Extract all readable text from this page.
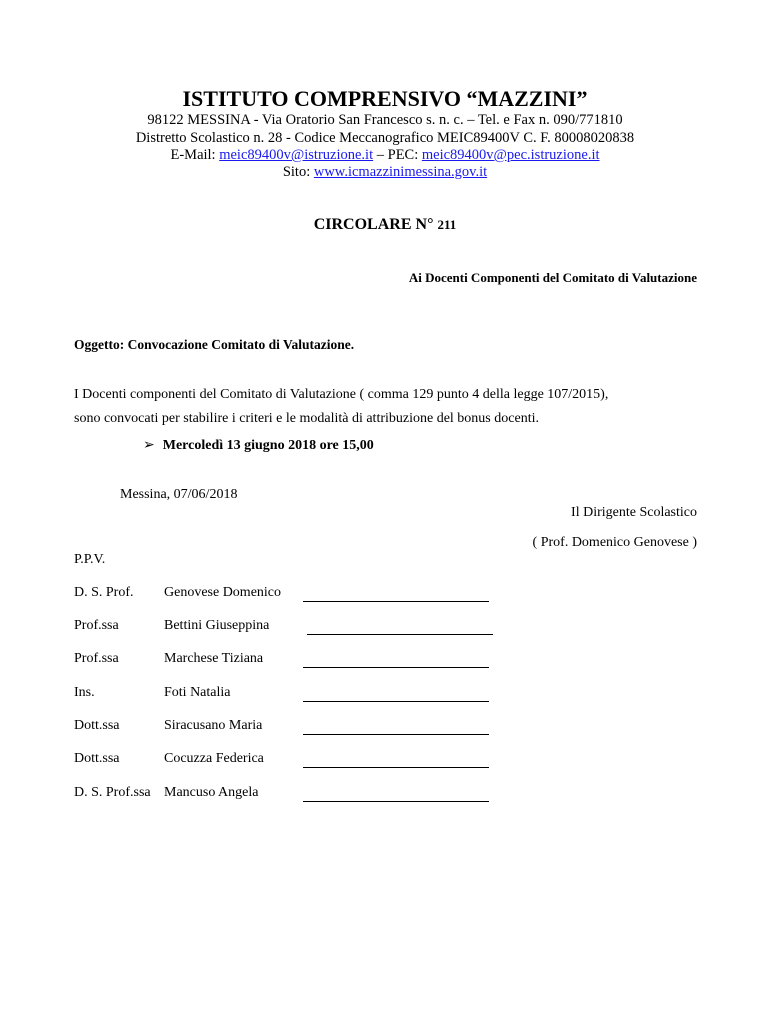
ISTITUTO COMPRENSIVO “MAZZINI”
98122 MESSINA - Via Oratorio San Francesco s. n. c. – Tel. e Fax n. 090/771810
Distretto Scolastico n. 28 - Codice Meccanografico MEIC89400V C. F. 80008020838
E-Mail: meic89400v@istruzione.it – PEC: meic89400v@pec.istruzione.it
Sito: www.icmazzinimessina.gov.it
CIRCOLARE N° 211
Ai Docenti Componenti del Comitato di Valutazione
Oggetto: Convocazione Comitato di Valutazione.
I Docenti componenti del Comitato di Valutazione ( comma 129 punto 4 della legge 107/2015),
sono convocati per stabilire i criteri e le modalità di attribuzione del bonus docenti.
➢ Mercoledì 13 giugno 2018 ore 15,00
Messina, 07/06/2018
Il Dirigente Scolastico
( Prof. Domenico Genovese )
P.P.V.
D. S. Prof. Genovese Domenico
Prof.ssa	Bettini Giuseppina
Prof.ssa	Marchese Tiziana
Ins.	Foti Natalia
Dott.ssa	Siracusano Maria
Dott.ssa	Cocuzza Federica
D. S. Prof.ssa Mancuso Angela
